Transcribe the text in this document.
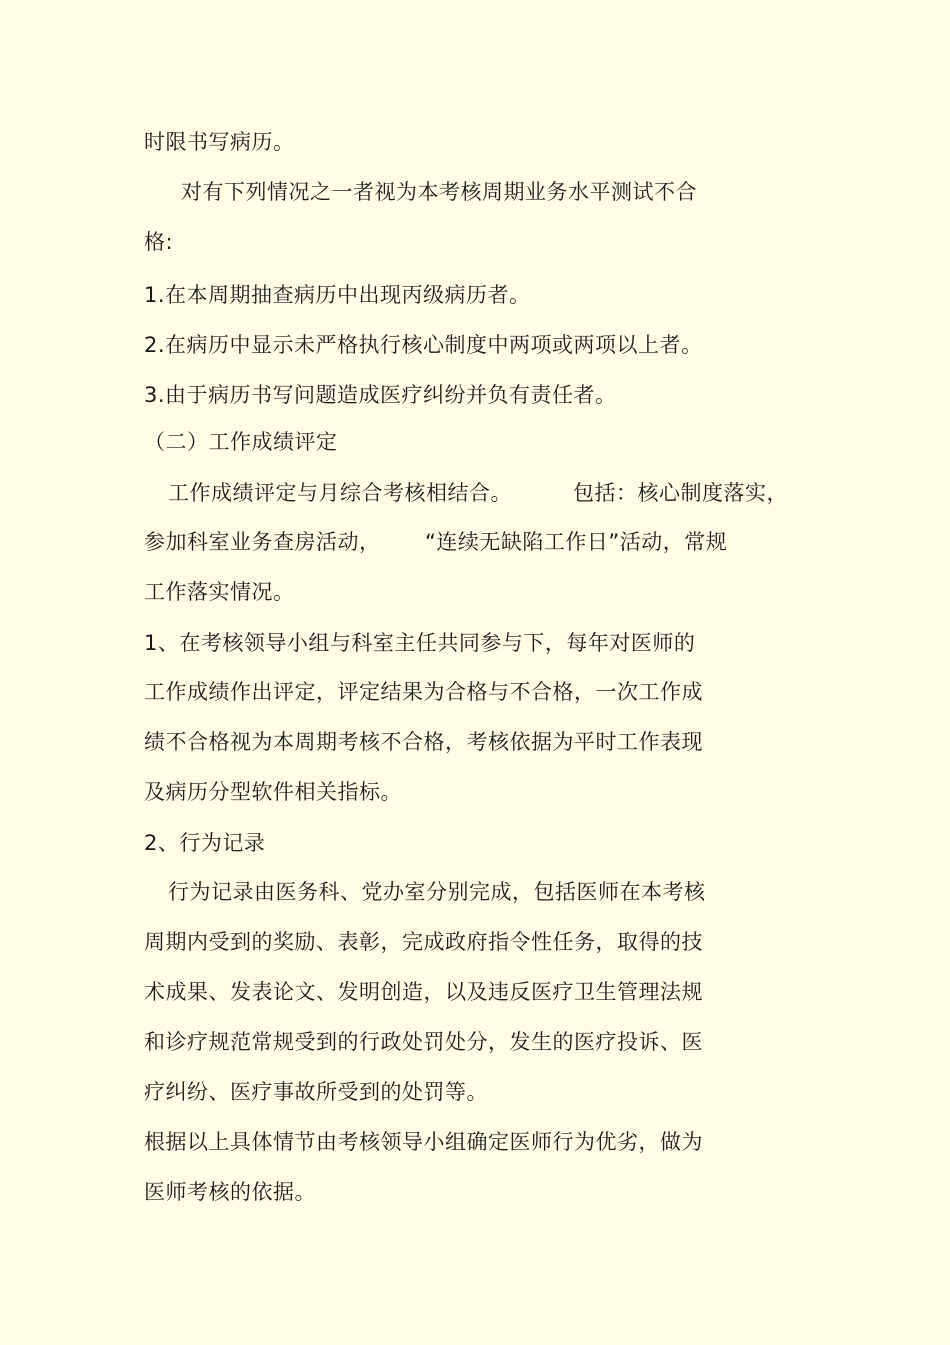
时限书写病历。
对有下列情况之一者视为本考核周期业务水平测试不合
格:
1.在本周期抽查病历中出现丙级病历者。
2.在病历中显示未严格执行核心制度中两项或两项以上者。
3.由于病历书写问题造成医疗纠纷并负有责任者。
（二）工作成绩评定
工作成绩评定与月综合考核相结合。	包括：核心制度落实，
参加科室业务查房活动， “连续无缺陷工作日”活动，常规
工作落实情况。
1、在考核领导小组与科室主任共同参与下，每年对医师的
工作成绩作出评定，评定结果为合格与不合格，一次工作成
绩不合格视为本周期考核不合格，考核依据为平时工作表现
及病历分型软件相关指标。
2、行为记录
行为记录由医务科、党办室分别完成，包括医师在本考核
周期内受到的奖励、表彰，完成政府指令性任务，取得的技
术成果、发表论文、发明创造，以及违反医疗卫生管理法规
和诊疗规范常规受到的行政处罚处分，发生的医疗投诉、医
疗纠纷、医疗事故所受到的处罚等。
根据以上具体情节由考核领导小组确定医师行为优劣，做为
医师考核的依据。
